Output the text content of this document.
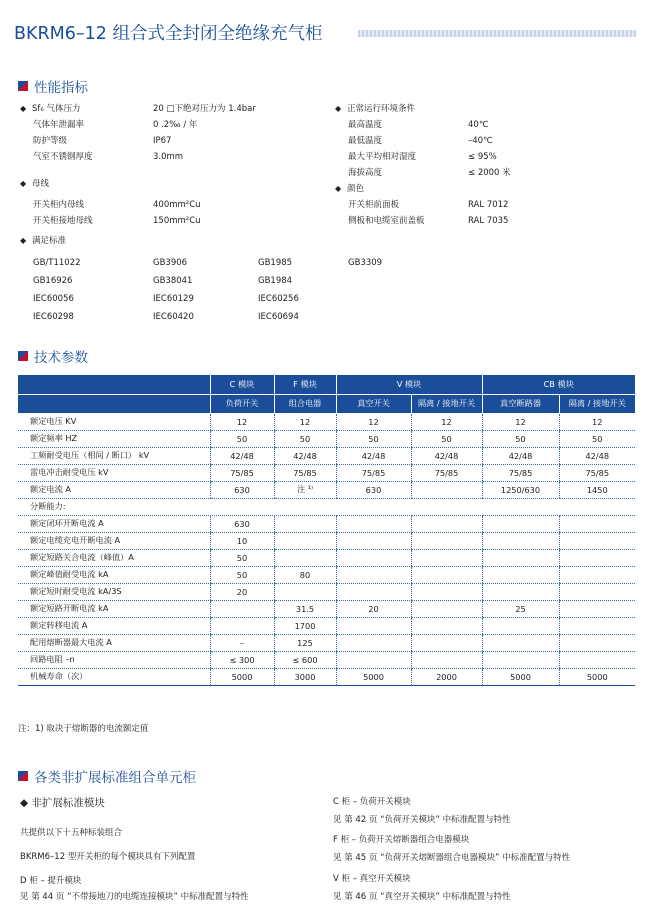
BKRM6–12 组合式全封闭全绝缘充气柜
性能指标
◆ Sf₆ 气体压力	20 □下绝对压力为 1.4bar
气体年泄漏率	0 .2‰ / 年
防护等级	IP67
气室不锈钢厚度	3.0mm
◆ 母线
开关柜内母线	400mm²Cu
开关柜接地母线	150mm²Cu
◆ 满足标准
◆ 正常运行环境条件
最高温度	40℃
最低温度	–40℃
最大平均相对湿度	≤ 95%
海拔高度	≤ 2000 米
◆ 颜色
开关柜前面板	RAL 7012
侧板和电缆室前盖板	RAL 7035
GB/T11022	GB3906	GB1985	GB3309
GB16926	GB38041	GB1984
IEC60056	IEC60129	IEC60256
IEC60298	IEC60420	IEC60694
技术参数
	C 模块	F 模块	V 模块		CB 模块	
	负荷开关	组合电器	真空开关	隔离 / 接地开关	真空断路器	隔离 / 接地开关
额定电压 KV	12	12	12	12	12	12
额定频率 HZ	50	50	50	50	50	50
工频耐受电压（相间 / 断口） kV	42/48	42/48	42/48	42/48	42/48	42/48
雷电冲击耐受电压 kV	75/85	75/85	75/85	75/85	75/85	75/85
额定电流 A	630	注 ¹⁾	630		1250/630	1450
分断能力:						
额定闭环开断电流 A	630					
额定电缆充电开断电流 A	10					
额定短路关合电流（峰值）A	50					
额定峰值耐受电流 kA	50	80				
额定短时耐受电流 kA/3S	20					
额定短路开断电流 kA		31.5	20		25	
额定转移电流 A		1700				
配用熔断器最大电流 A	–	125				
回路电阻 –n	≤ 300	≤ 600				
机械寿命（次）	5000	3000	5000	2000	5000	5000
注：1) 取决于熔断器的电流额定值
各类非扩展标准组合单元柜
◆ 非扩展标准模块
共提供以下十五种标装组合
BKRM6–12 型开关柜的每个模块具有下列配置
D 柜 – 提升模块
见 第 44 页 “不带接地刀的电缆连接模块” 中标准配置与特性
C 柜 – 负荷开关模块
见 第 42 页 “负荷开关模块” 中标准配置与特性
F 柜 – 负荷开关熔断器组合电器模块
见 第 45 页 “负荷开关熔断器组合电器模块” 中标准配置与特性
V 柜 – 真空开关模块
见 第 46 页 “真空开关模块” 中标准配置与特性
